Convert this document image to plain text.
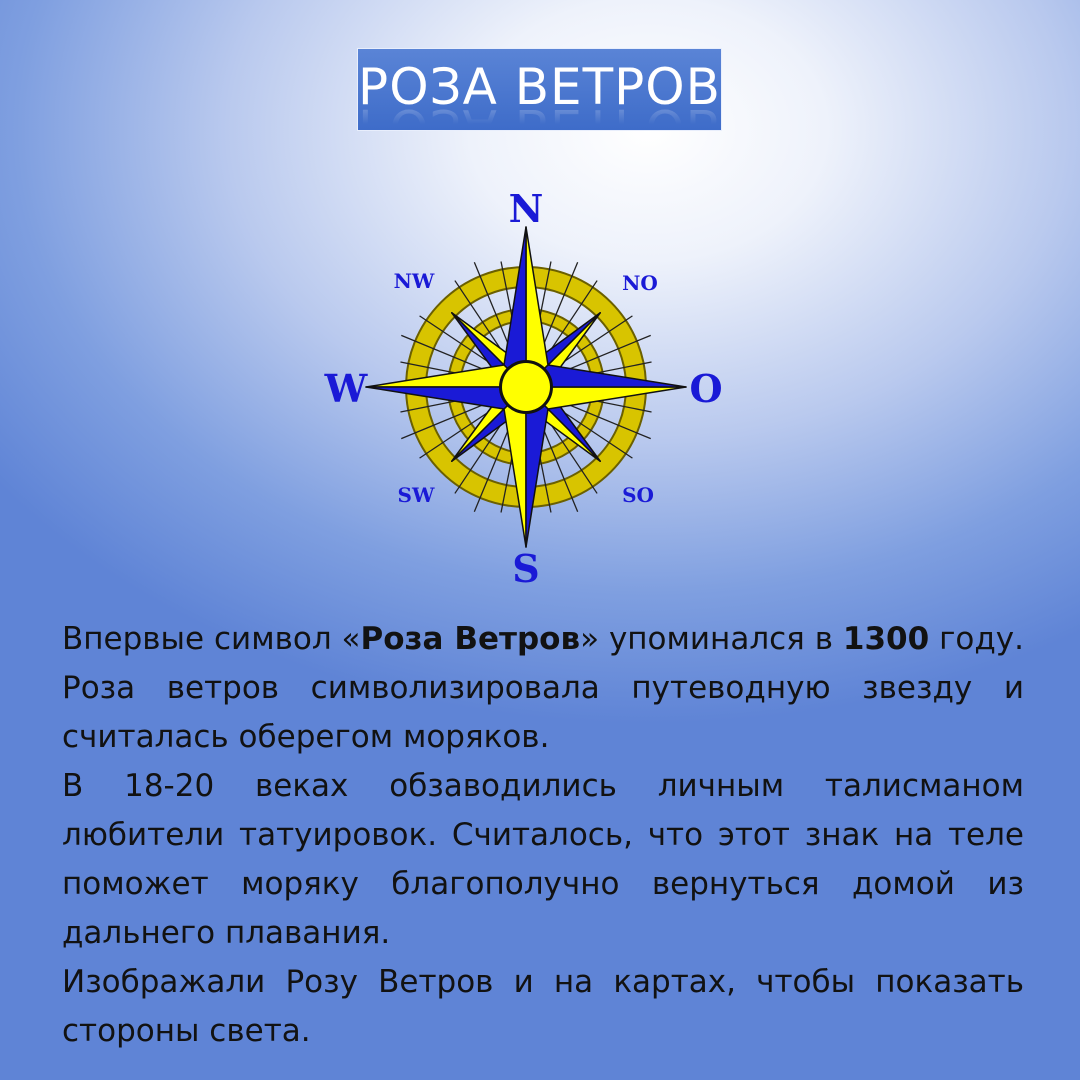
РОЗА ВЕТРОВ
N
NO
O
SO
S
SW
W
NW

Впервые символ «Роза Ветров» упоминался в 1300 году. Роза ветров символизировала путеводную звезду и считалась оберегом моряков.

В 18-20 веках обзаводились личным талисманом любители татуировок. Считалось, что этот знак на теле поможет моряку благополучно вернуться домой из дальнего плавания.

Изображали Розу Ветров и на картах, чтобы показать стороны света.
